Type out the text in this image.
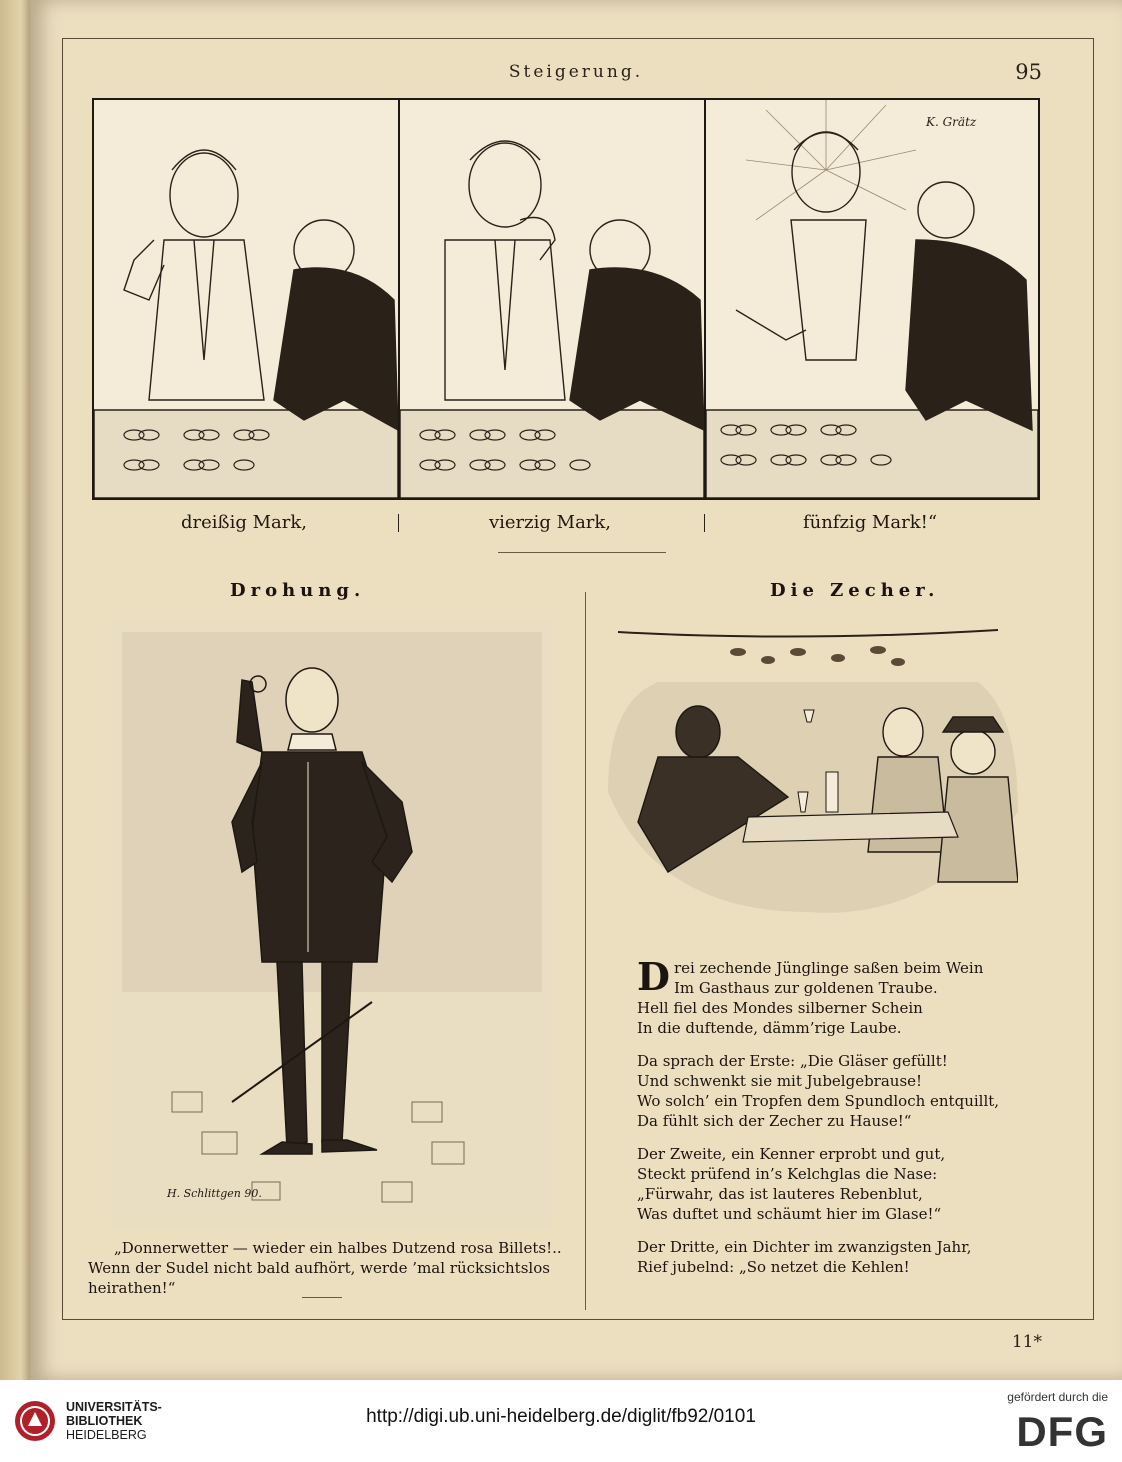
Steigerung.	95
K. Grätz
dreißig Mark,	vierzig Mark,	fünfzig Mark!“
Drohung.
H. Schlittgen 90.
„Donnerwetter — wieder ein halbes Dutzend rosa Billets!..
Wenn der Sudel nicht bald aufhört, werde ’mal rücksichtslos
heirathen!“
Die Zecher.
D rei zechende Jünglinge saßen beim Wein
Im Gasthaus zur goldenen Traube.
Hell fiel des Mondes silberner Schein
In die duftende, dämm’rige Laube.
Da sprach der Erste: „Die Gläser gefüllt!
Und schwenkt sie mit Jubelgebrause!
Wo solch’ ein Tropfen dem Spundloch entquillt,
Da fühlt sich der Zecher zu Hause!“
Der Zweite, ein Kenner erprobt und gut,
Steckt prüfend in’s Kelchglas die Nase:
„Fürwahr, das ist lauteres Rebenblut,
Was duftet und schäumt hier im Glase!“
Der Dritte, ein Dichter im zwanzigsten Jahr,
Rief jubelnd: „So netzet die Kehlen!
11*
UNIVERSITÄTS-
BIBLIOTHEK
HEIDELBERG
http://digi.ub.uni-heidelberg.de/diglit/fb92/0101
gefördert durch die
DFG
